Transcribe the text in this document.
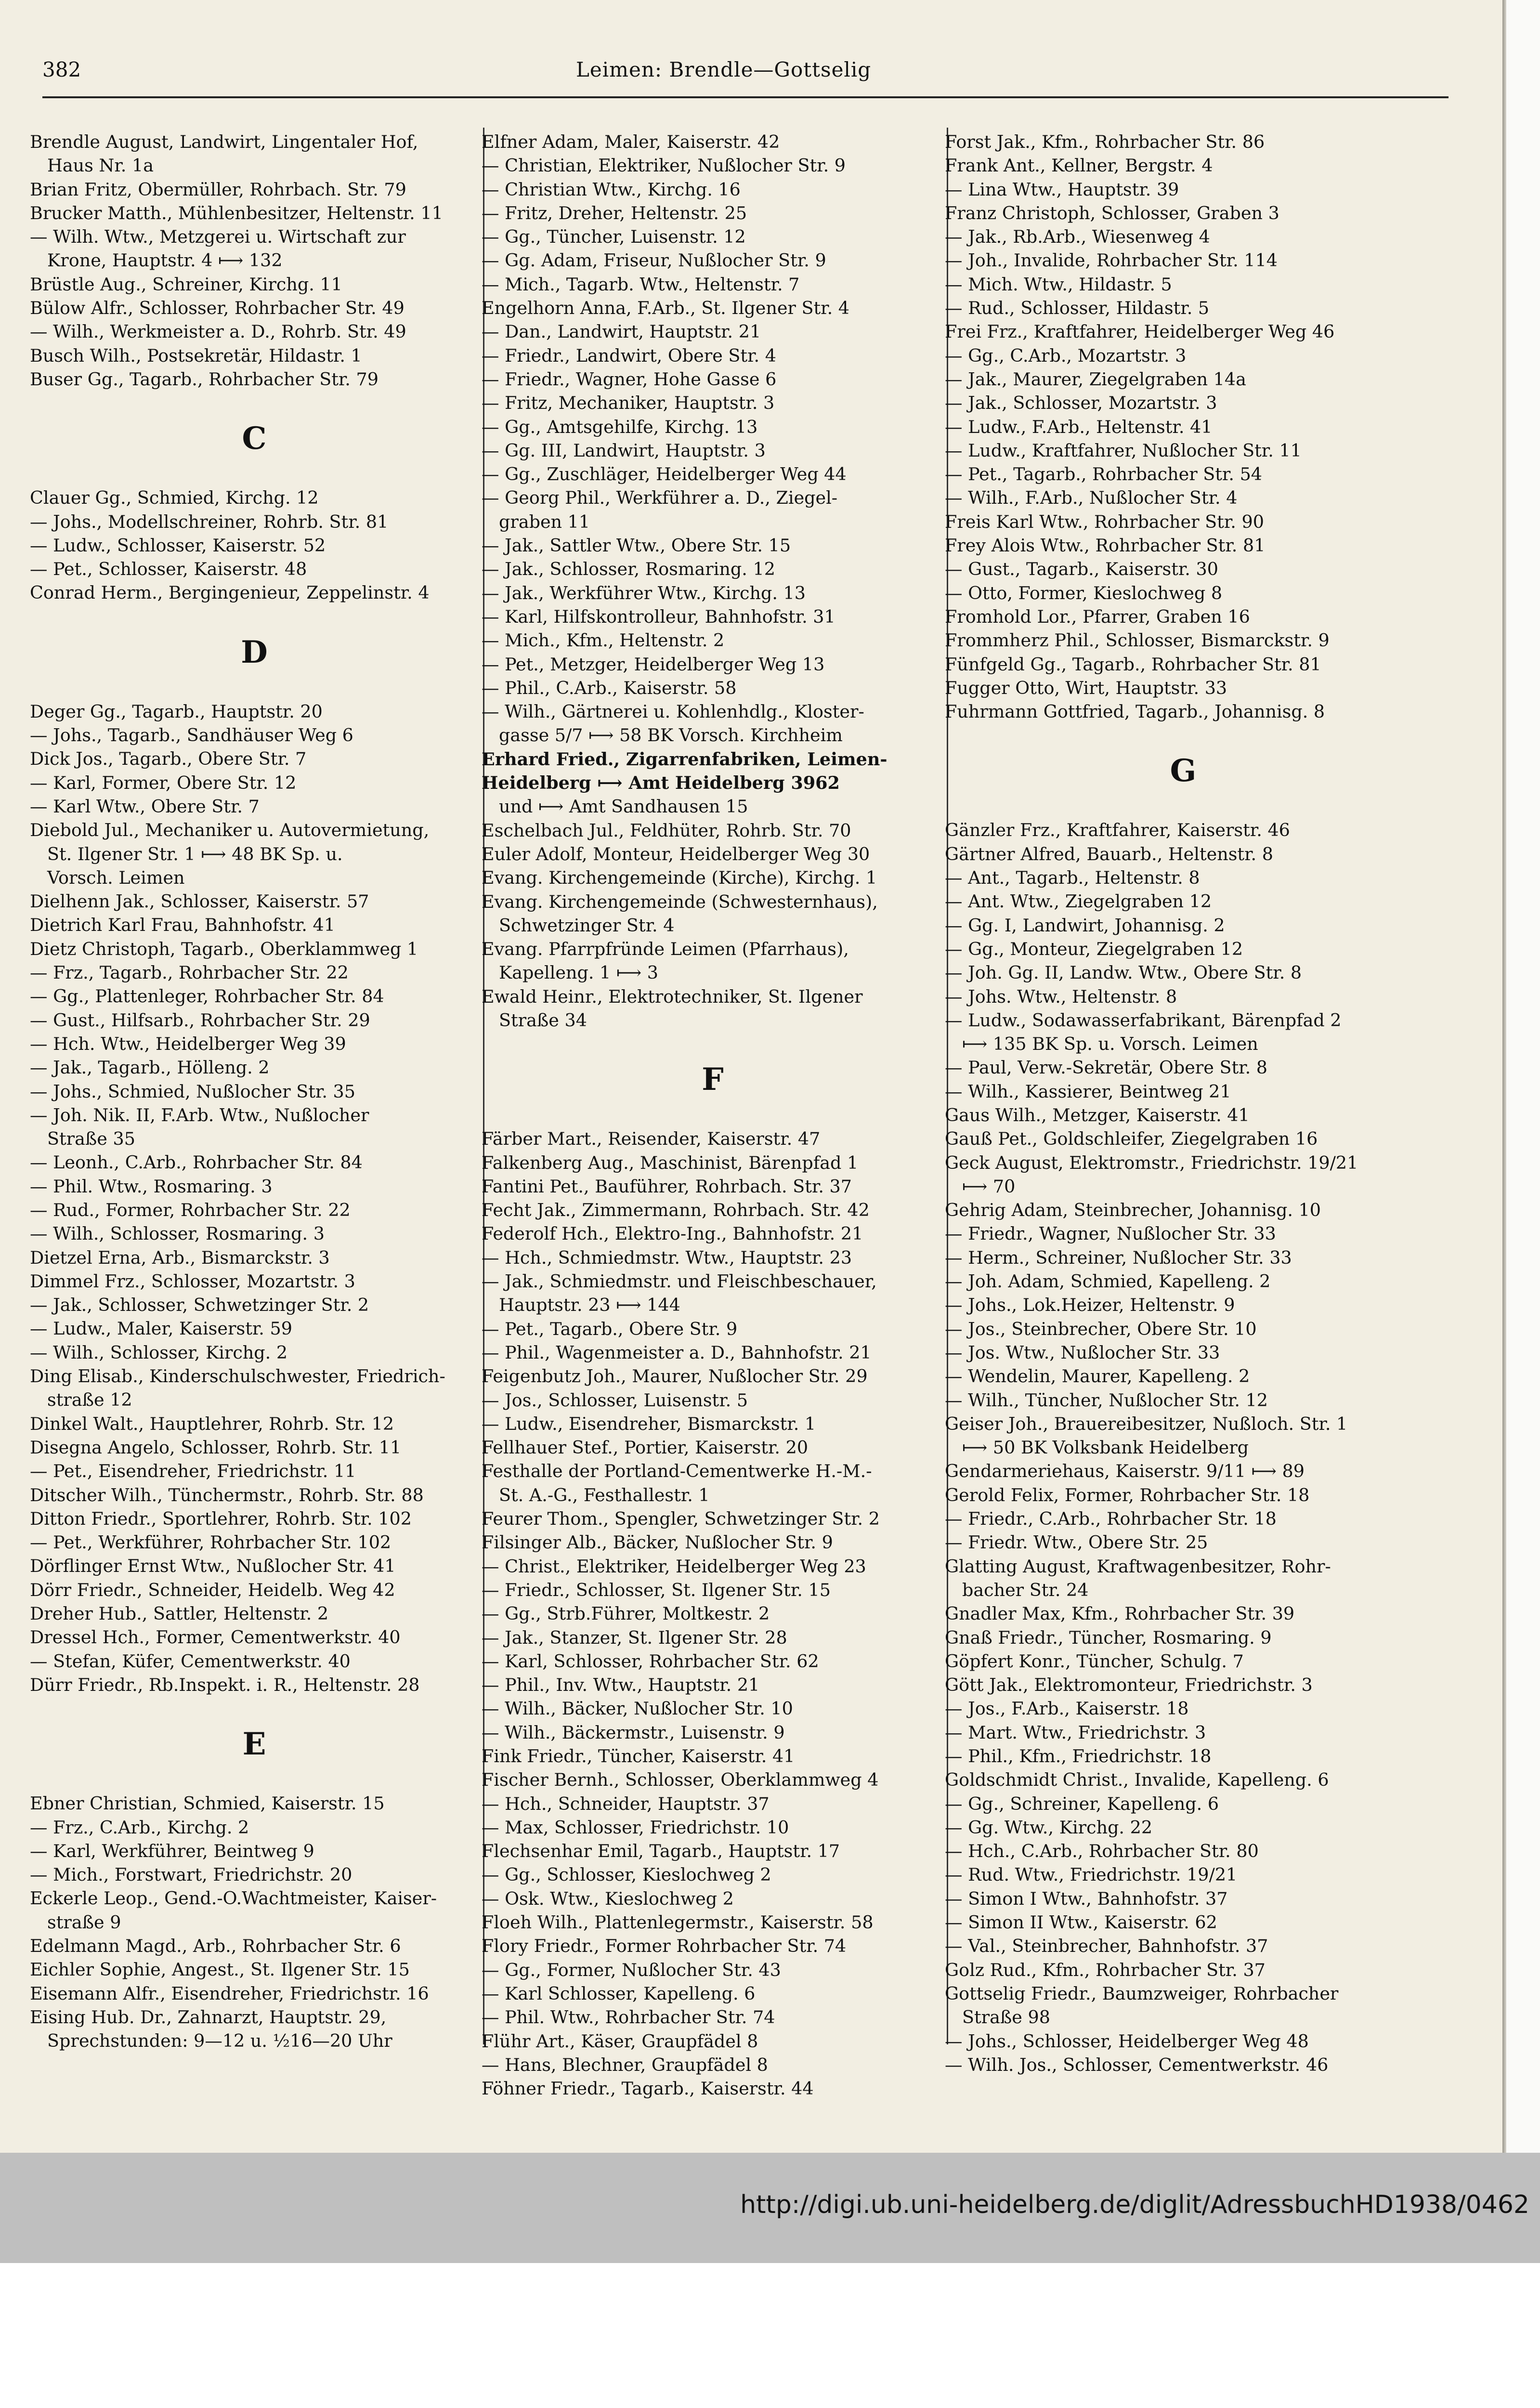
382	Leimen: Brendle—Gottselig
Brendle August, Landwirt, Lingentaler Hof,
Haus Nr. 1a
Brian Fritz, Obermüller, Rohrbach. Str. 79
Brucker Matth., Mühlenbesitzer, Heltenstr. 11
— Wilh. Wtw., Metzgerei u. Wirtschaft zur
Krone, Hauptstr. 4 ⟼ 132
Brüstle Aug., Schreiner, Kirchg. 11
Bülow Alfr., Schlosser, Rohrbacher Str. 49
— Wilh., Werkmeister a. D., Rohrb. Str. 49
Busch Wilh., Postsekretär, Hildastr. 1
Buser Gg., Tagarb., Rohrbacher Str. 79
C
Clauer Gg., Schmied, Kirchg. 12
— Johs., Modellschreiner, Rohrb. Str. 81
— Ludw., Schlosser, Kaiserstr. 52
— Pet., Schlosser, Kaiserstr. 48
Conrad Herm., Bergingenieur, Zeppelinstr. 4
D
Deger Gg., Tagarb., Hauptstr. 20
— Johs., Tagarb., Sandhäuser Weg 6
Dick Jos., Tagarb., Obere Str. 7
— Karl, Former, Obere Str. 12
— Karl Wtw., Obere Str. 7
Diebold Jul., Mechaniker u. Autovermietung,
St. Ilgener Str. 1 ⟼ 48 BK Sp. u.
Vorsch. Leimen
Dielhenn Jak., Schlosser, Kaiserstr. 57
Dietrich Karl Frau, Bahnhofstr. 41
Dietz Christoph, Tagarb., Oberklammweg 1
— Frz., Tagarb., Rohrbacher Str. 22
— Gg., Plattenleger, Rohrbacher Str. 84
— Gust., Hilfsarb., Rohrbacher Str. 29
— Hch. Wtw., Heidelberger Weg 39
— Jak., Tagarb., Hölleng. 2
— Johs., Schmied, Nußlocher Str. 35
— Joh. Nik. II, F.Arb. Wtw., Nußlocher
Straße 35
— Leonh., C.Arb., Rohrbacher Str. 84
— Phil. Wtw., Rosmaring. 3
— Rud., Former, Rohrbacher Str. 22
— Wilh., Schlosser, Rosmaring. 3
Dietzel Erna, Arb., Bismarckstr. 3
Dimmel Frz., Schlosser, Mozartstr. 3
— Jak., Schlosser, Schwetzinger Str. 2
— Ludw., Maler, Kaiserstr. 59
— Wilh., Schlosser, Kirchg. 2
Ding Elisab., Kinderschulschwester, Friedrich-
straße 12
Dinkel Walt., Hauptlehrer, Rohrb. Str. 12
Disegna Angelo, Schlosser, Rohrb. Str. 11
— Pet., Eisendreher, Friedrichstr. 11
Ditscher Wilh., Tünchermstr., Rohrb. Str. 88
Ditton Friedr., Sportlehrer, Rohrb. Str. 102
— Pet., Werkführer, Rohrbacher Str. 102
Dörflinger Ernst Wtw., Nußlocher Str. 41
Dörr Friedr., Schneider, Heidelb. Weg 42
Dreher Hub., Sattler, Heltenstr. 2
Dressel Hch., Former, Cementwerkstr. 40
— Stefan, Küfer, Cementwerkstr. 40
Dürr Friedr., Rb.Inspekt. i. R., Heltenstr. 28
E
Ebner Christian, Schmied, Kaiserstr. 15
— Frz., C.Arb., Kirchg. 2
— Karl, Werkführer, Beintweg 9
— Mich., Forstwart, Friedrichstr. 20
Eckerle Leop., Gend.-O.Wachtmeister, Kaiser-
straße 9
Edelmann Magd., Arb., Rohrbacher Str. 6
Eichler Sophie, Angest., St. Ilgener Str. 15
Eisemann Alfr., Eisendreher, Friedrichstr. 16
Eising Hub. Dr., Zahnarzt, Hauptstr. 29,
Sprechstunden: 9—12 u. ½16—20 Uhr
Elfner Adam, Maler, Kaiserstr. 42
— Christian, Elektriker, Nußlocher Str. 9
— Christian Wtw., Kirchg. 16
— Fritz, Dreher, Heltenstr. 25
— Gg., Tüncher, Luisenstr. 12
— Gg. Adam, Friseur, Nußlocher Str. 9
— Mich., Tagarb. Wtw., Heltenstr. 7
Engelhorn Anna, F.Arb., St. Ilgener Str. 4
— Dan., Landwirt, Hauptstr. 21
— Friedr., Landwirt, Obere Str. 4
— Friedr., Wagner, Hohe Gasse 6
— Fritz, Mechaniker, Hauptstr. 3
— Gg., Amtsgehilfe, Kirchg. 13
— Gg. III, Landwirt, Hauptstr. 3
— Gg., Zuschläger, Heidelberger Weg 44
— Georg Phil., Werkführer a. D., Ziegel-
graben 11
— Jak., Sattler Wtw., Obere Str. 15
— Jak., Schlosser, Rosmaring. 12
— Jak., Werkführer Wtw., Kirchg. 13
— Karl, Hilfskontrolleur, Bahnhofstr. 31
— Mich., Kfm., Heltenstr. 2
— Pet., Metzger, Heidelberger Weg 13
— Phil., C.Arb., Kaiserstr. 58
— Wilh., Gärtnerei u. Kohlenhdlg., Kloster-
gasse 5/7 ⟼ 58 BK Vorsch. Kirchheim
Erhard Fried., Zigarrenfabriken, Leimen-
Heidelberg ⟼ Amt Heidelberg 3962
und ⟼ Amt Sandhausen 15
Eschelbach Jul., Feldhüter, Rohrb. Str. 70
Euler Adolf, Monteur, Heidelberger Weg 30
Evang. Kirchengemeinde (Kirche), Kirchg. 1
Evang. Kirchengemeinde (Schwesternhaus),
Schwetzinger Str. 4
Evang. Pfarrpfründe Leimen (Pfarrhaus),
Kapelleng. 1 ⟼ 3
Ewald Heinr., Elektrotechniker, St. Ilgener
Straße 34
F
Färber Mart., Reisender, Kaiserstr. 47
Falkenberg Aug., Maschinist, Bärenpfad 1
Fantini Pet., Bauführer, Rohrbach. Str. 37
Fecht Jak., Zimmermann, Rohrbach. Str. 42
Federolf Hch., Elektro-Ing., Bahnhofstr. 21
— Hch., Schmiedmstr. Wtw., Hauptstr. 23
— Jak., Schmiedmstr. und Fleischbeschauer,
Hauptstr. 23 ⟼ 144
— Pet., Tagarb., Obere Str. 9
— Phil., Wagenmeister a. D., Bahnhofstr. 21
Feigenbutz Joh., Maurer, Nußlocher Str. 29
— Jos., Schlosser, Luisenstr. 5
— Ludw., Eisendreher, Bismarckstr. 1
Fellhauer Stef., Portier, Kaiserstr. 20
Festhalle der Portland-Cementwerke H.-M.-
St. A.-G., Festhallestr. 1
Feurer Thom., Spengler, Schwetzinger Str. 2
Filsinger Alb., Bäcker, Nußlocher Str. 9
— Christ., Elektriker, Heidelberger Weg 23
— Friedr., Schlosser, St. Ilgener Str. 15
— Gg., Strb.Führer, Moltkestr. 2
— Jak., Stanzer, St. Ilgener Str. 28
— Karl, Schlosser, Rohrbacher Str. 62
— Phil., Inv. Wtw., Hauptstr. 21
— Wilh., Bäcker, Nußlocher Str. 10
— Wilh., Bäckermstr., Luisenstr. 9
Fink Friedr., Tüncher, Kaiserstr. 41
Fischer Bernh., Schlosser, Oberklammweg 4
— Hch., Schneider, Hauptstr. 37
— Max, Schlosser, Friedrichstr. 10
Flechsenhar Emil, Tagarb., Hauptstr. 17
— Gg., Schlosser, Kieslochweg 2
— Osk. Wtw., Kieslochweg 2
Floeh Wilh., Plattenlegermstr., Kaiserstr. 58
Flory Friedr., Former Rohrbacher Str. 74
— Gg., Former, Nußlocher Str. 43
— Karl Schlosser, Kapelleng. 6
— Phil. Wtw., Rohrbacher Str. 74
Flühr Art., Käser, Graupfädel 8
— Hans, Blechner, Graupfädel 8
Föhner Friedr., Tagarb., Kaiserstr. 44
Forst Jak., Kfm., Rohrbacher Str. 86
Frank Ant., Kellner, Bergstr. 4
— Lina Wtw., Hauptstr. 39
Franz Christoph, Schlosser, Graben 3
— Jak., Rb.Arb., Wiesenweg 4
— Joh., Invalide, Rohrbacher Str. 114
— Mich. Wtw., Hildastr. 5
— Rud., Schlosser, Hildastr. 5
Frei Frz., Kraftfahrer, Heidelberger Weg 46
— Gg., C.Arb., Mozartstr. 3
— Jak., Maurer, Ziegelgraben 14a
— Jak., Schlosser, Mozartstr. 3
— Ludw., F.Arb., Heltenstr. 41
— Ludw., Kraftfahrer, Nußlocher Str. 11
— Pet., Tagarb., Rohrbacher Str. 54
— Wilh., F.Arb., Nußlocher Str. 4
Freis Karl Wtw., Rohrbacher Str. 90
Frey Alois Wtw., Rohrbacher Str. 81
— Gust., Tagarb., Kaiserstr. 30
— Otto, Former, Kieslochweg 8
Fromhold Lor., Pfarrer, Graben 16
Frommherz Phil., Schlosser, Bismarckstr. 9
Fünfgeld Gg., Tagarb., Rohrbacher Str. 81
Fugger Otto, Wirt, Hauptstr. 33
Fuhrmann Gottfried, Tagarb., Johannisg. 8
G
Gänzler Frz., Kraftfahrer, Kaiserstr. 46
Gärtner Alfred, Bauarb., Heltenstr. 8
— Ant., Tagarb., Heltenstr. 8
— Ant. Wtw., Ziegelgraben 12
— Gg. I, Landwirt, Johannisg. 2
— Gg., Monteur, Ziegelgraben 12
— Joh. Gg. II, Landw. Wtw., Obere Str. 8
— Johs. Wtw., Heltenstr. 8
— Ludw., Sodawasserfabrikant, Bärenpfad 2
⟼ 135 BK Sp. u. Vorsch. Leimen
— Paul, Verw.-Sekretär, Obere Str. 8
— Wilh., Kassierer, Beintweg 21
Gaus Wilh., Metzger, Kaiserstr. 41
Gauß Pet., Goldschleifer, Ziegelgraben 16
Geck August, Elektromstr., Friedrichstr. 19/21
⟼ 70
Gehrig Adam, Steinbrecher, Johannisg. 10
— Friedr., Wagner, Nußlocher Str. 33
— Herm., Schreiner, Nußlocher Str. 33
— Joh. Adam, Schmied, Kapelleng. 2
— Johs., Lok.Heizer, Heltenstr. 9
— Jos., Steinbrecher, Obere Str. 10
— Jos. Wtw., Nußlocher Str. 33
— Wendelin, Maurer, Kapelleng. 2
— Wilh., Tüncher, Nußlocher Str. 12
Geiser Joh., Brauereibesitzer, Nußloch. Str. 1
⟼ 50 BK Volksbank Heidelberg
Gendarmeriehaus, Kaiserstr. 9/11 ⟼ 89
Gerold Felix, Former, Rohrbacher Str. 18
— Friedr., C.Arb., Rohrbacher Str. 18
— Friedr. Wtw., Obere Str. 25
Glatting August, Kraftwagenbesitzer, Rohr-
bacher Str. 24
Gnadler Max, Kfm., Rohrbacher Str. 39
Gnaß Friedr., Tüncher, Rosmaring. 9
Göpfert Konr., Tüncher, Schulg. 7
Gött Jak., Elektromonteur, Friedrichstr. 3
— Jos., F.Arb., Kaiserstr. 18
— Mart. Wtw., Friedrichstr. 3
— Phil., Kfm., Friedrichstr. 18
Goldschmidt Christ., Invalide, Kapelleng. 6
— Gg., Schreiner, Kapelleng. 6
— Gg. Wtw., Kirchg. 22
— Hch., C.Arb., Rohrbacher Str. 80
— Rud. Wtw., Friedrichstr. 19/21
— Simon I Wtw., Bahnhofstr. 37
— Simon II Wtw., Kaiserstr. 62
— Val., Steinbrecher, Bahnhofstr. 37
Golz Rud., Kfm., Rohrbacher Str. 37
Gottselig Friedr., Baumzweiger, Rohrbacher
Straße 98
— Johs., Schlosser, Heidelberger Weg 48
— Wilh. Jos., Schlosser, Cementwerkstr. 46
http://digi.ub.uni-heidelberg.de/diglit/AdressbuchHD1938/0462
